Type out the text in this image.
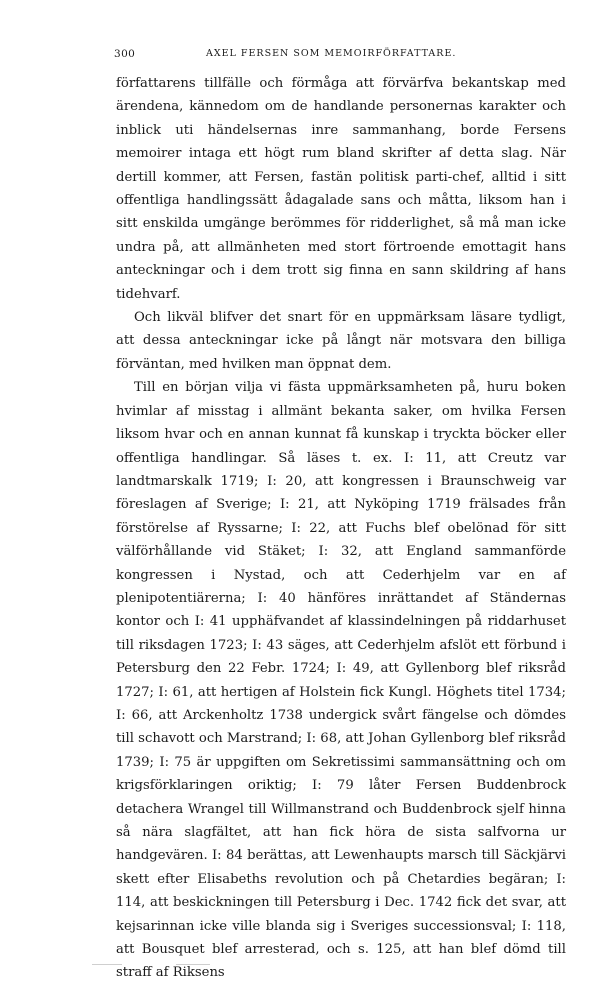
300	AXEL FERSEN SOM MEMOIRFÖRFATTARE.

författarens tillfälle och förmåga att förvärfva bekantskap med ärendena, kännedom om de handlande personernas karakter och inblick uti händelsernas inre sammanhang, borde Fersens memoirer intaga ett högt rum bland skrifter af detta slag. När dertill kommer, att Fersen, fastän politisk parti-chef, alltid i sitt offentliga handlingssätt ådagalade sans och måtta, liksom han i sitt enskilda umgänge berömmes för ridderlighet, så må man icke undra på, att allmänheten med stort förtroende emottagit hans anteckningar och i dem trott sig finna en sann skildring af hans tidehvarf.

Och likväl blifver det snart för en uppmärksam läsare tydligt, att dessa anteckningar icke på långt när motsvara den billiga förväntan, med hvilken man öppnat dem.

Till en början vilja vi fästa uppmärksamheten på, huru boken hvimlar af misstag i allmänt bekanta saker, om hvilka Fersen liksom hvar och en annan kunnat få kunskap i tryckta böcker eller offentliga handlingar. Så läses t. ex. I: 11, att Creutz var landtmarskalk 1719; I: 20, att kongressen i Braunschweig var föreslagen af Sverige; I: 21, att Nyköping 1719 frälsades från förstörelse af Ryssarne; I: 22, att Fuchs blef obelönad för sitt välförhållande vid Stäket; I: 32, att England sammanförde kongressen i Nystad, och att Cederhjelm var en af plenipotentiärerna; I: 40 hänföres inrättandet af Ständernas kontor och I: 41 upphäfvandet af klassindelningen på riddarhuset till riksdagen 1723; I: 43 säges, att Cederhjelm afslöt ett förbund i Petersburg den 22 Febr. 1724; I: 49, att Gyllenborg blef riksråd 1727; I: 61, att hertigen af Holstein fick Kungl. Höghets titel 1734; I: 66, att Arckenholtz 1738 undergick svårt fängelse och dömdes till schavott och Marstrand; I: 68, att Johan Gyllenborg blef riksråd 1739; I: 75 är uppgiften om Sekretissimi sammansättning och om krigsförklaringen oriktig; I: 79 låter Fersen Buddenbrock detachera Wrangel till Willmanstrand och Buddenbrock sjelf hinna så nära slagfältet, att han fick höra de sista salfvorna ur handgevären. I: 84 berättas, att Lewenhaupts marsch till Säckjärvi skett efter Elisabeths revolution och på Chetardies begäran; I: 114, att beskickningen till Petersburg i Dec. 1742 fick det svar, att kejsarinnan icke ville blanda sig i Sveriges successionsval; I: 118, att Bousquet blef arresterad, och s. 125, att han blef dömd till straff af Riksens
